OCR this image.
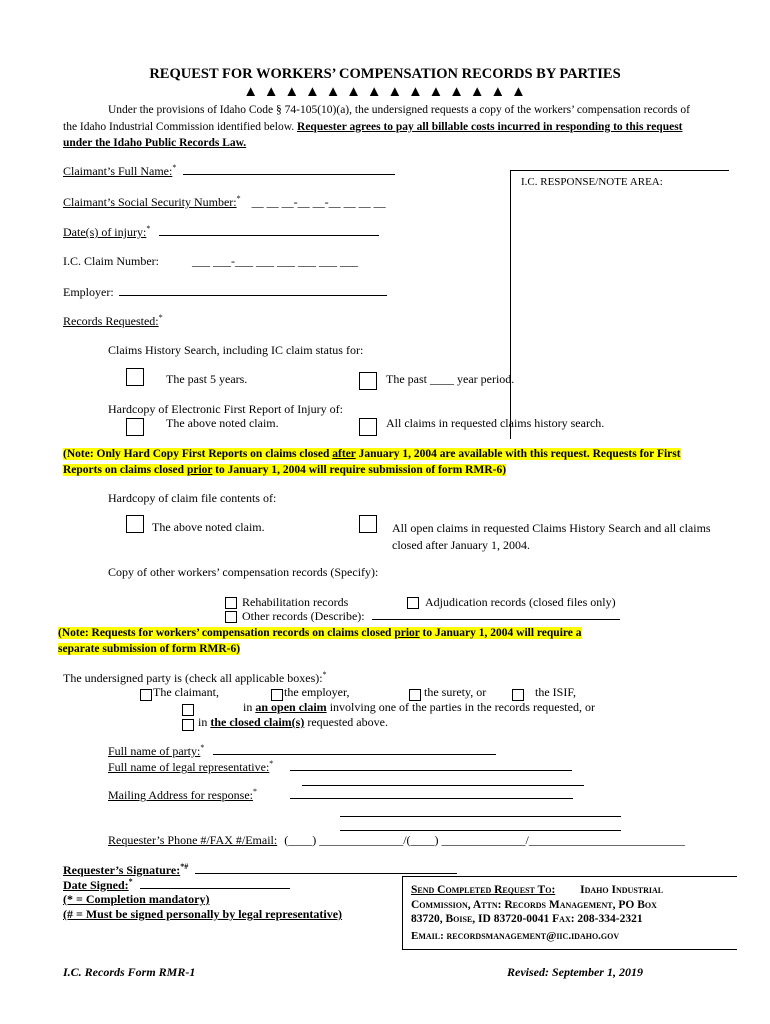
REQUEST FOR WORKERS’ COMPENSATION RECORDS BY PARTIES
▲ ▲ ▲ ▲ ▲ ▲ ▲ ▲ ▲ ▲ ▲ ▲ ▲ ▲
Under the provisions of Idaho Code § 74-105(10)(a), the undersigned requests a copy of the workers’ compensation records of
the Idaho Industrial Commission identified below. Requester agrees to pay all billable costs incurred in responding to this request
under the Idaho Public Records Law.
Claimant’s Full Name:*
I.C. RESPONSE/NOTE AREA:
Claimant’s Social Security Number:* __ __ __-__ __-__ __ __ __
Date(s) of injury:*
I.C. Claim Number:	___ ___-___ ___ ___ ___ ___ ___
Employer:
Records Requested:*
Claims History Search, including IC claim status for:
The past 5 years.	The past ____ year period.
Hardcopy of Electronic First Report of Injury of:
The above noted claim.	All claims in requested claims history search.
(Note: Only Hard Copy First Reports on claims closed after January 1, 2004 are available with this request. Requests for First
Reports on claims closed prior to January 1, 2004 will require submission of form RMR-6)
Hardcopy of claim file contents of:
The above noted claim.	All open claims in requested Claims History Search and all claims
closed after January 1, 2004.
Copy of other workers’ compensation records (Specify):
Rehabilitation records	Adjudication records (closed files only)
Other records (Describe):
(Note: Requests for workers’ compensation records on claims closed prior to January 1, 2004 will require a
separate submission of form RMR-6)
The undersigned party is (check all applicable boxes):*
The claimant,	the employer,	the surety, or	the ISIF,
in an open claim involving one of the parties in the records requested, or
in the closed claim(s) requested above.
Full name of party:*
Full name of legal representative:*
Mailing Address for response:*
Requester’s Phone #/FAX #/Email: (____) ______________/(____) ______________/__________________________
Requester’s Signature:*#
Date Signed:*
(* = Completion mandatory)
(# = Must be signed personally by legal representative)
Send Completed Request To: Idaho Industrial
Commission, Attn: Records Management, PO Box
83720, Boise, ID 83720-0041 Fax: 208-334-2321
Email: recordsmanagement@iic.idaho.gov
I.C. Records Form RMR-1	Revised: September 1, 2019
